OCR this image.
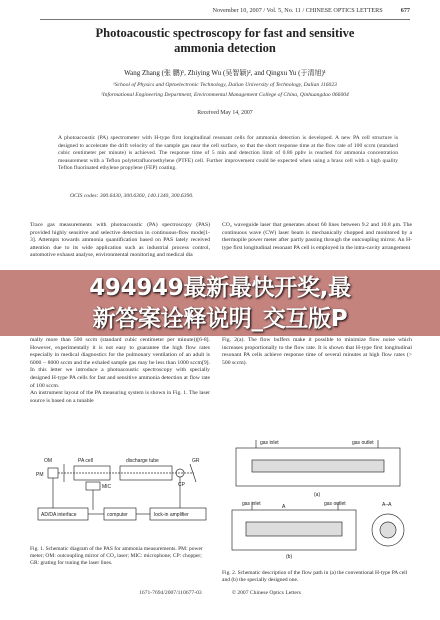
November 10, 2007 / Vol. 5, No. 11 / CHINESE OPTICS LETTERS	677
Photoacoustic spectroscopy for fast and sensitive ammonia detection
Wang Zhang (张 鹏)¹, Zhiying Wu (吴智颖)², and Qingxu Yu (于清旭)¹
¹School of Physics and Optoelectronic Technology, Dalian University of Technology, Dalian 116023
²Informational Engineering Department, Environmental Management College of China, Qinhuangdao 066004
Received May 14, 2007
A photoacoustic (PA) spectrometer with H-type first longitudinal resonant cells for ammonia detection is developed. A new PA cell structure is designed to accelerate the drift velocity of the sample gas near the cell surface, so that the short response time at the flow rate of 100 sccm (standard cubic centimeter per minute) is achieved. The response time of 5 min and detection limit of 0.86 ppbv is reached for ammonia concentration measurement with a Teflon polytetrafluoroethylene (PTFE) cell. Further improvement could be expected when using a brass cell with a high quality Teflon fluorinated ethylene propylene (FEP) coating.
OCIS codes: 300.6430, 300.6360, 140.1340, 300.6390.
Trace gas measurements with photoacoustic (PA) spectroscopy (PAS) provided highly sensitive and selective detection in continuous-flow mode[1-3]. Attempts towards ammonia quantification based on PAS lately received attention due to its wide application such as industrial process control, automotive exhaust analyse, environmental monitoring and medical dia
CO₂ waveguide laser that generates about 60 lines between 9.2 and 10.8 μm. The continuous wave (CW) laser beam is mechanically chopped and monitored by a thermopile power meter after partly passing through the outcoupling mirror. An H-type first longitudinal resonant PA cell is employed in the intra-cavity arrangement
mally more than 500 sccm (standard cubic centimeter per minute))[6-8]. However, experimentally it is not easy to guarantee the high flow rates especially in medical diagnostics for the pulmonary ventilation of an adult is 6000 − 8000 sccm and the exhaled sample gas may be less than 1000 sccm[9]. In this letter we introduce a photoacoustic spectroscopy with specially designed H-type PA cells for fast and sensitive ammonia detection at flow rate of 100 sccm.
An instrument layout of the PA measuring system is shown in Fig. 1. The laser source is based on a tunable
Fig. 2(a). The flow buffers make it possible to minimize flow noise which increases proportionally to the flow rate. It is shown that H-type first longitudinal resonant PA cells achieve response time of several minutes at high flow rates (> 500 sccm).
494949最新最快开奖,最
新答案诠释说明_交互版P
OM	PA cell	discharge tube	GR
PM
CP
MIC
AD/DA interface	computer	lock-in amplifier
Fig. 1. Schematic diagram of the PAS for ammonia measurements. PM: power meter; OM: outcoupling mirror of CO₂ laser; MIC: microphone; CP: chopper; GR: grating for tuning the laser lines.
gas inlet	gas outlet
(a)
gas inlet	gas outlet	A–A
(b)
A
Fig. 2. Schematic description of the flow path in (a) the conventional H-type PA cell and (b) the specially designed one.
1671-7694/2007/110677-03	© 2007 Chinese Optics Letters
